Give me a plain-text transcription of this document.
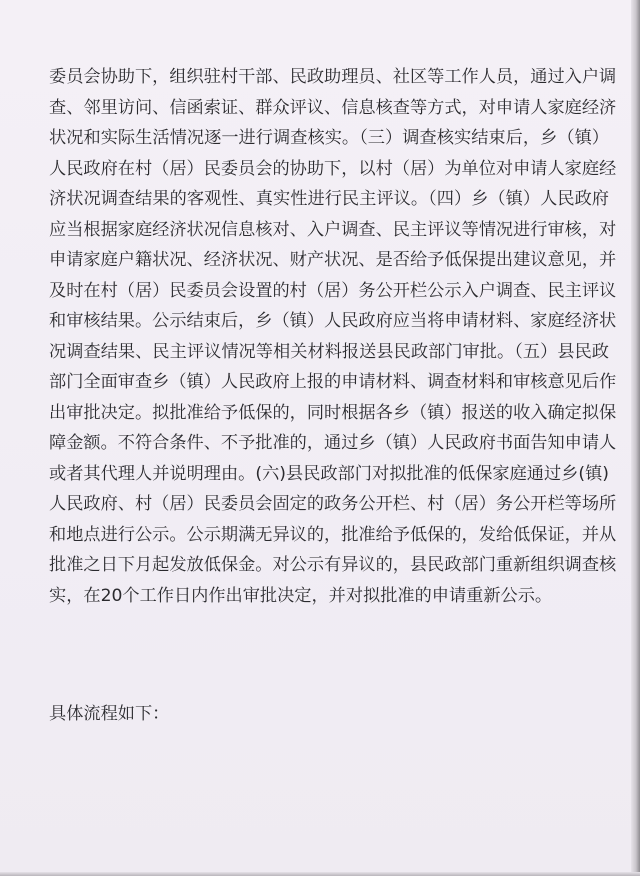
委员会协助下，组织驻村干部、民政助理员、社区等工作人员，通过入户调
查、邻里访问、信函索证、群众评议、信息核查等方式，对申请人家庭经济
状况和实际生活情况逐一进行调查核实。（三）调查核实结束后，乡（镇）
人民政府在村（居）民委员会的协助下，以村（居）为单位对申请人家庭经
济状况调查结果的客观性、真实性进行民主评议。（四）乡（镇）人民政府
应当根据家庭经济状况信息核对、入户调查、民主评议等情况进行审核，对
申请家庭户籍状况、经济状况、财产状况、是否给予低保提出建议意见，并
及时在村（居）民委员会设置的村（居）务公开栏公示入户调查、民主评议
和审核结果。公示结束后，乡（镇）人民政府应当将申请材料、家庭经济状
况调查结果、民主评议情况等相关材料报送县民政部门审批。（五）县民政
部门全面审查乡（镇）人民政府上报的申请材料、调查材料和审核意见后作
出审批决定。拟批准给予低保的，同时根据各乡（镇）报送的收入确定拟保
障金额。不符合条件、不予批准的，通过乡（镇）人民政府书面告知申请人
或者其代理人并说明理由。(六)县民政部门对拟批准的低保家庭通过乡(镇)
人民政府、村（居）民委员会固定的政务公开栏、村（居）务公开栏等场所
和地点进行公示。公示期满无异议的，批准给予低保的，发给低保证，并从
批准之日下月起发放低保金。对公示有异议的，县民政部门重新组织调查核
实，在20个工作日内作出审批决定，并对拟批准的申请重新公示。
具体流程如下：
